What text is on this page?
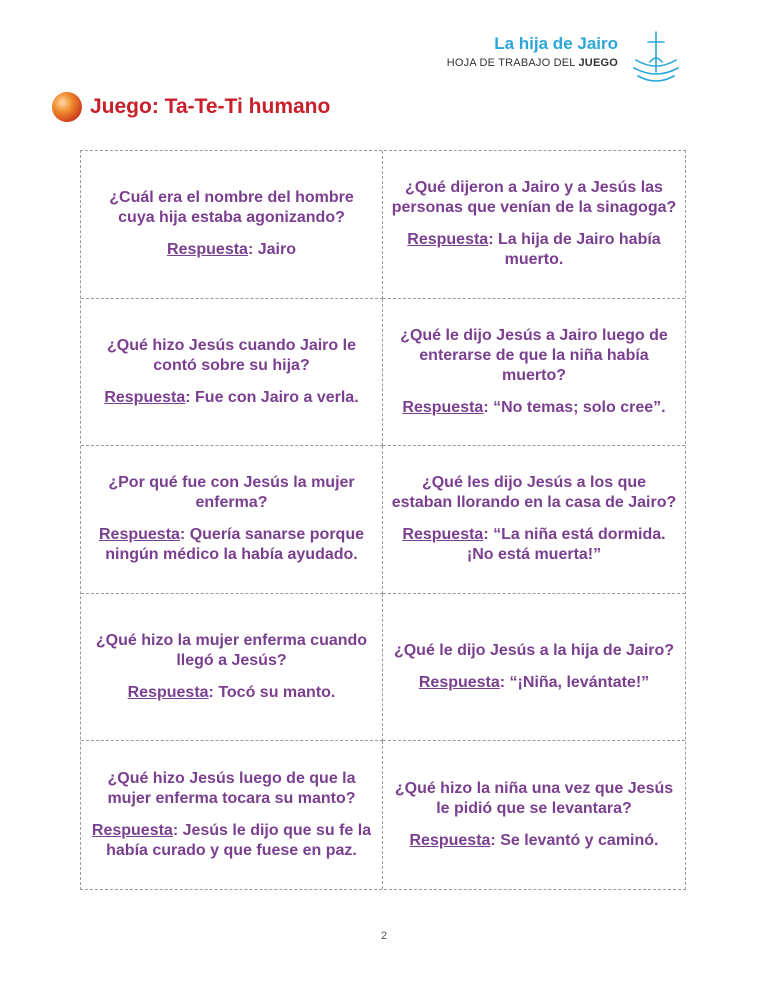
La hija de Jairo
HOJA DE TRABAJO DEL JUEGO
Juego: Ta-Te-Ti humano

¿Cuál era el nombre del hombre cuya hija estaba agonizando?

Respuesta: Jairo

¿Qué dijeron a Jairo y a Jesús las personas que venían de la sinagoga?

Respuesta: La hija de Jairo había muerto.

¿Qué hizo Jesús cuando Jairo le contó sobre su hija?

Respuesta: Fue con Jairo a verla.

¿Qué le dijo Jesús a Jairo luego de enterarse de que la niña había muerto?

Respuesta: “No temas; solo cree”.

¿Por qué fue con Jesús la mujer enferma?

Respuesta: Quería sanarse porque ningún médico la había ayudado.

¿Qué les dijo Jesús a los que estaban llorando en la casa de Jairo?

Respuesta: “La niña está dormida. ¡No está muerta!”

¿Qué hizo la mujer enferma cuando llegó a Jesús?

Respuesta: Tocó su manto.

¿Qué le dijo Jesús a la hija de Jairo?

Respuesta: “¡Niña, levántate!”

¿Qué hizo Jesús luego de que la mujer enferma tocara su manto?

Respuesta: Jesús le dijo que su fe la había curado y que fuese en paz.

¿Qué hizo la niña una vez que Jesús le pidió que se levantara?

Respuesta: Se levantó y caminó.

2
